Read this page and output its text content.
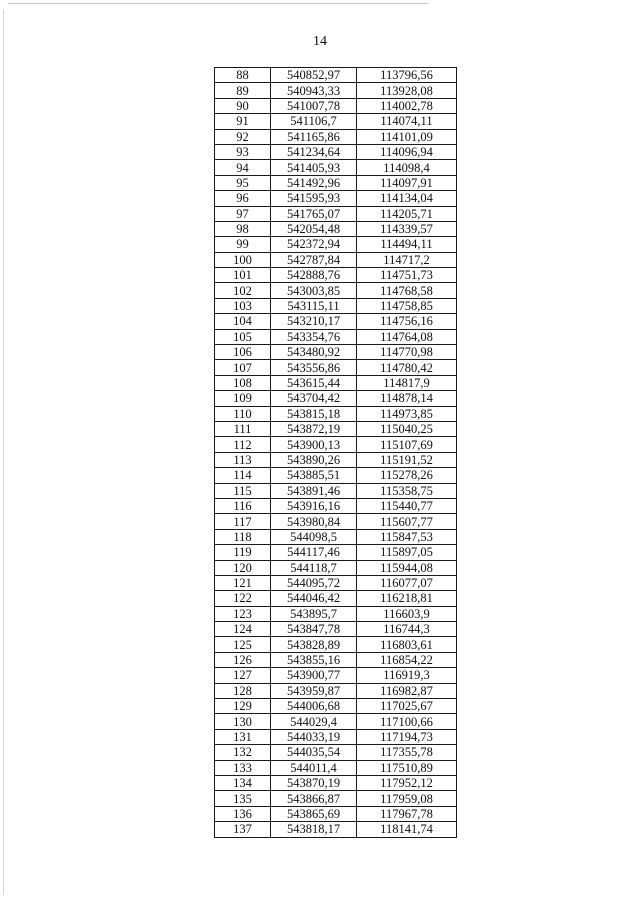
14
88	540852,97	113796,56
89	540943,33	113928,08
90	541007,78	114002,78
91	541106,7	114074,11
92	541165,86	114101,09
93	541234,64	114096,94
94	541405,93	114098,4
95	541492,96	114097,91
96	541595,93	114134,04
97	541765,07	114205,71
98	542054,48	114339,57
99	542372,94	114494,11
100	542787,84	114717,2
101	542888,76	114751,73
102	543003,85	114768,58
103	543115,11	114758,85
104	543210,17	114756,16
105	543354,76	114764,08
106	543480,92	114770,98
107	543556,86	114780,42
108	543615,44	114817,9
109	543704,42	114878,14
110	543815,18	114973,85
111	543872,19	115040,25
112	543900,13	115107,69
113	543890,26	115191,52
114	543885,51	115278,26
115	543891,46	115358,75
116	543916,16	115440,77
117	543980,84	115607,77
118	544098,5	115847,53
119	544117,46	115897,05
120	544118,7	115944,08
121	544095,72	116077,07
122	544046,42	116218,81
123	543895,7	116603,9
124	543847,78	116744,3
125	543828,89	116803,61
126	543855,16	116854,22
127	543900,77	116919,3
128	543959,87	116982,87
129	544006,68	117025,67
130	544029,4	117100,66
131	544033,19	117194,73
132	544035,54	117355,78
133	544011,4	117510,89
134	543870,19	117952,12
135	543866,87	117959,08
136	543865,69	117967,78
137	543818,17	118141,74
